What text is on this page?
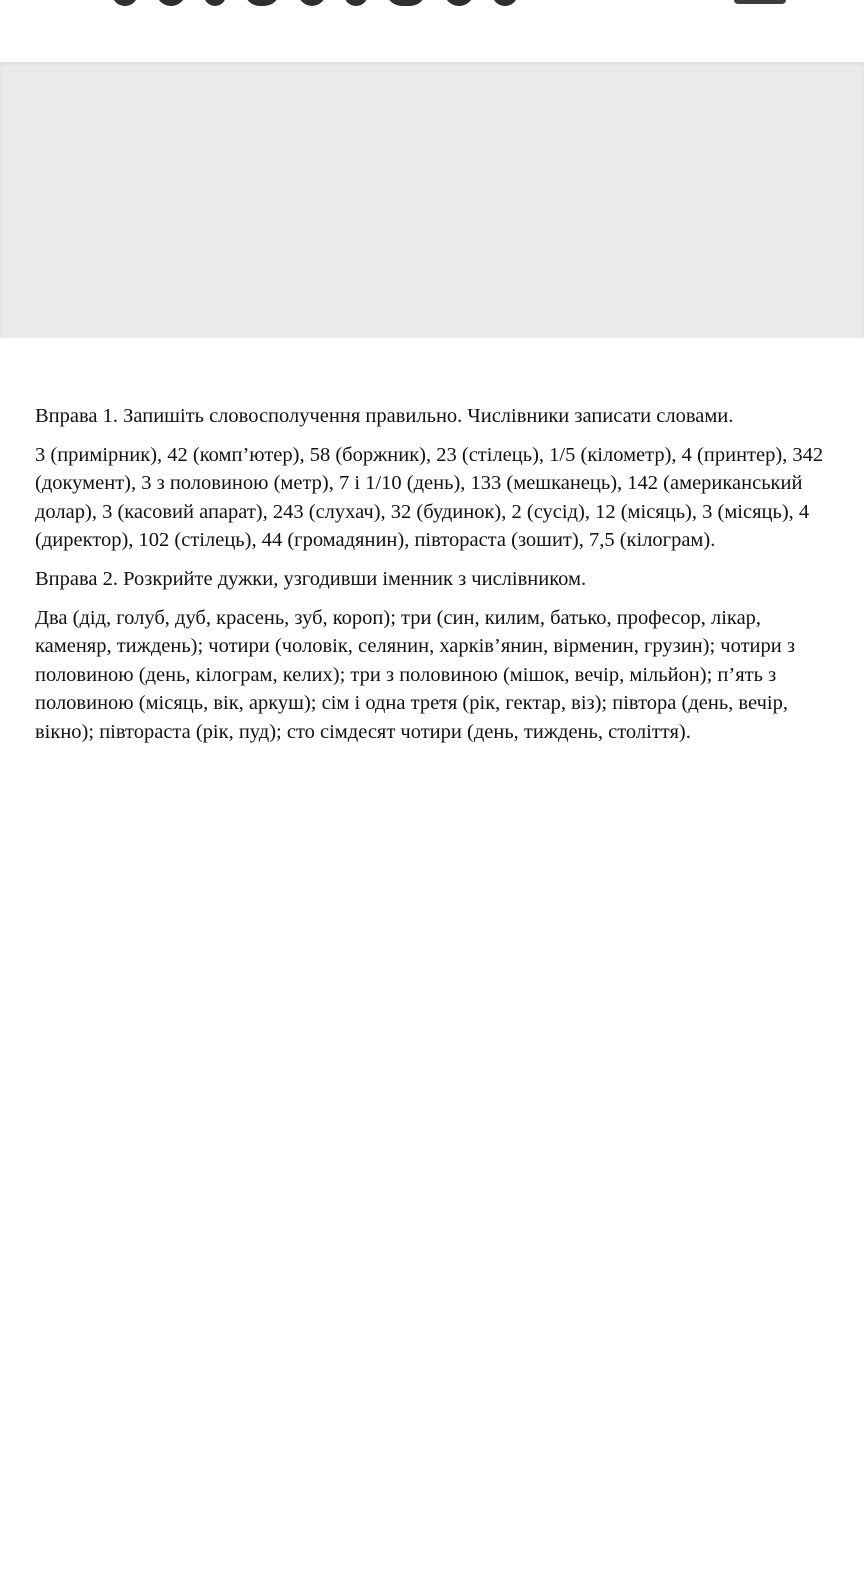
Вправа 1. Запишіть словосполучення правильно. Числівники записати словами.

3 (примірник), 42 (комп’ютер), 58 (боржник), 23 (стілець), 1/5 (кілометр), 4 (принтер), 342 (документ), 3 з половиною (метр), 7 і 1/10 (день), 133 (мешканець), 142 (американський долар), 3 (касовий апарат), 243 (слухач), 32 (будинок), 2 (сусід), 12 (місяць), 3 (місяць), 4 (директор), 102 (стілець), 44 (громадянин), півтораста (зошит), 7,5 (кілограм).

Вправа 2. Розкрийте дужки, узгодивши іменник з числівником.

Два (дід, голуб, дуб, красень, зуб, короп); три (син, килим, батько, професор, лікар, каменяр, тиждень); чотири (чоловік, селянин, харків’янин, вірменин, грузин); чотири з половиною (день, кілограм, келих); три з половиною (мішок, вечір, мільйон); п’ять з половиною (місяць, вік, аркуш); сім і одна третя (рік, гектар, віз); півтора (день, вечір, вікно); півтораста (рік, пуд); сто сімдесят чотири (день, тиждень, століття).
